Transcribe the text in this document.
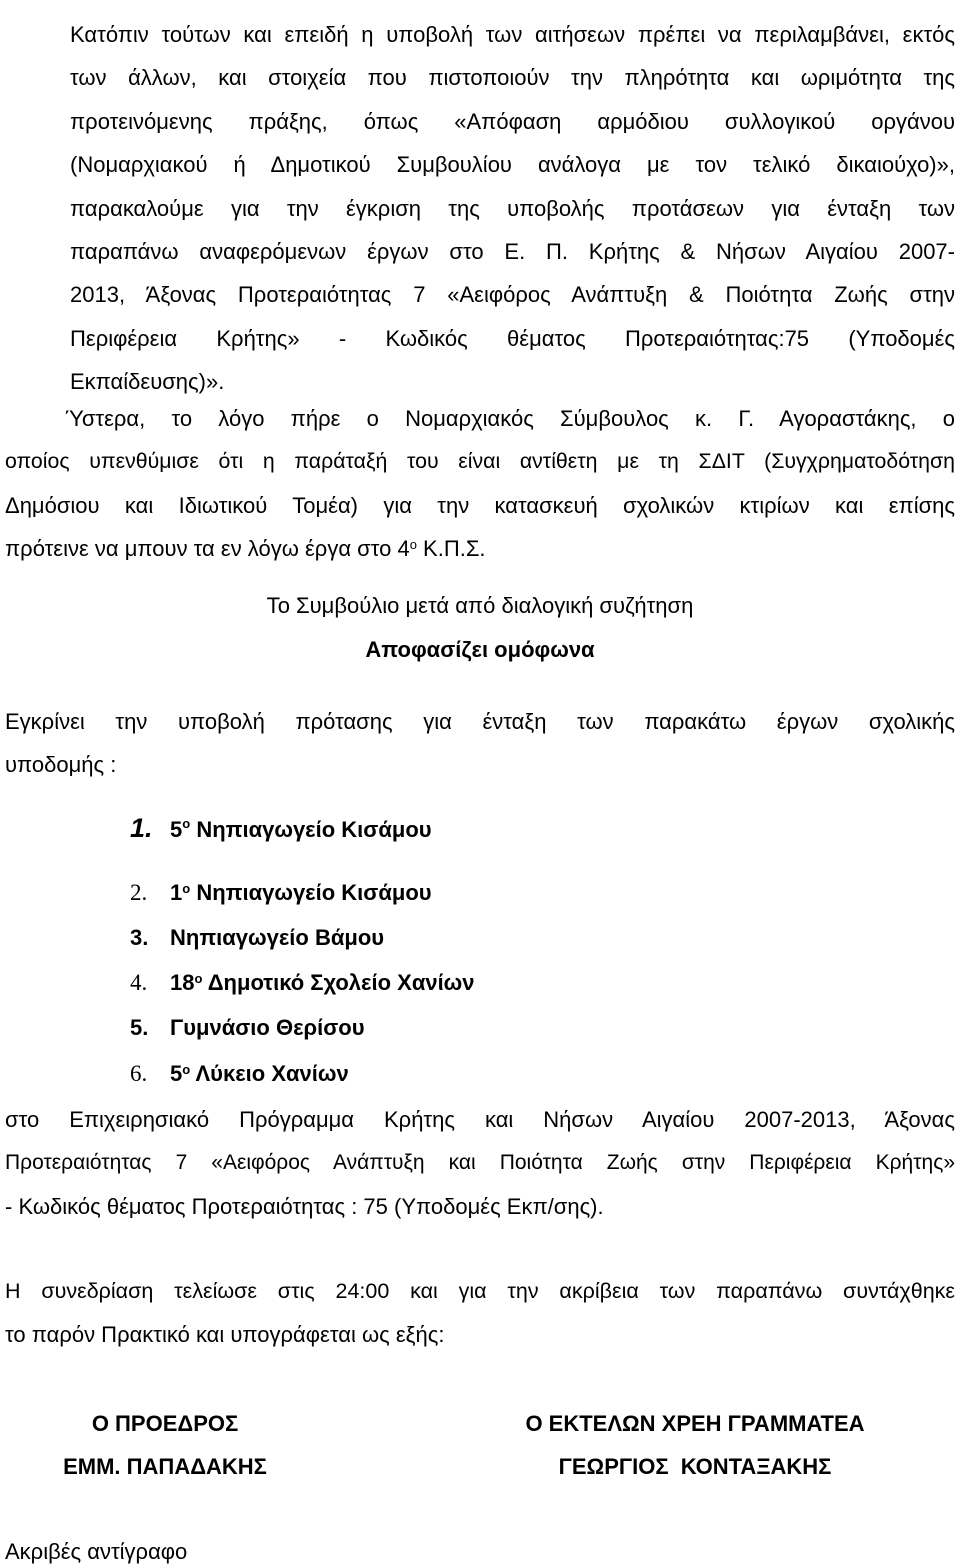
Κατόπιν τούτων και επειδή η υποβολή των αιτήσεων πρέπει να περιλαμβάνει, εκτός
των άλλων, και στοιχεία που πιστοποιούν την πληρότητα και ωριμότητα της
προτεινόμενης πράξης, όπως «Απόφαση αρμόδιου συλλογικού οργάνου
(Νομαρχιακού ή Δημοτικού Συμβουλίου ανάλογα με τον τελικό δικαιούχο)»,
παρακαλούμε για την έγκριση της υποβολής προτάσεων για ένταξη των
παραπάνω αναφερόμενων έργων στο Ε. Π. Κρήτης & Νήσων Αιγαίου 2007-
2013, Άξονας Προτεραιότητας 7 «Αειφόρος Ανάπτυξη & Ποιότητα Ζωής στην
Περιφέρεια Κρήτης» - Κωδικός θέματος Προτεραιότητας:75 (Υποδομές
Εκπαίδευσης)».
Ύστερα, το λόγο πήρε ο Νομαρχιακός Σύμβουλος κ. Γ. Αγοραστάκης, ο
οποίος υπενθύμισε ότι η παράταξή του είναι αντίθετη με τη ΣΔΙΤ (Συγχρηματοδότηση
Δημόσιου και Ιδιωτικού Τομέα) για την κατασκευή σχολικών κτιρίων και επίσης
πρότεινε να μπουν τα εν λόγω έργα στο $4^o$ Κ.Π.Σ.
Το Συμβούλιο μετά από διαλογική συζήτηση
Αποφασίζει ομόφωνα
Εγκρίνει την υποβολή πρότασης για ένταξη των παρακάτω έργων σχολικής
υποδομής :
1. $5^o$ Νηπιαγωγείο Κισάμου
2. $1^o$ Νηπιαγωγείο Κισάμου
3. Νηπιαγωγείο Βάμου
4. $18^o$ Δημοτικό Σχολείο Χανίων
5. Γυμνάσιο Θερίσου
6. $5^o$ Λύκειο Χανίων
στο Επιχειρησιακό Πρόγραμμα Κρήτης και Νήσων Αιγαίου 2007-2013, Άξονας
Προτεραιότητας 7 «Αειφόρος Ανάπτυξη και Ποιότητα Ζωής στην Περιφέρεια Κρήτης»
- Κωδικός θέματος Προτεραιότητας : 75 (Υποδομές Εκπ/σης).
Η συνεδρίαση τελείωσε στις 24:00 και για την ακρίβεια των παραπάνω συντάχθηκε
το παρόν Πρακτικό και υπογράφεται ως εξής:
Ο ΠΡΟΕΔΡΟΣ
ΕΜΜ. ΠΑΠΑΔΑΚΗΣ
Ο ΕΚΤΕΛΩΝ ΧΡΕΗ ΓΡΑΜΜΑΤΕΑ
ΓΕΩΡΓΙΟΣ  ΚΟΝΤΑΞΑΚΗΣ
Ακριβές αντίγραφο
